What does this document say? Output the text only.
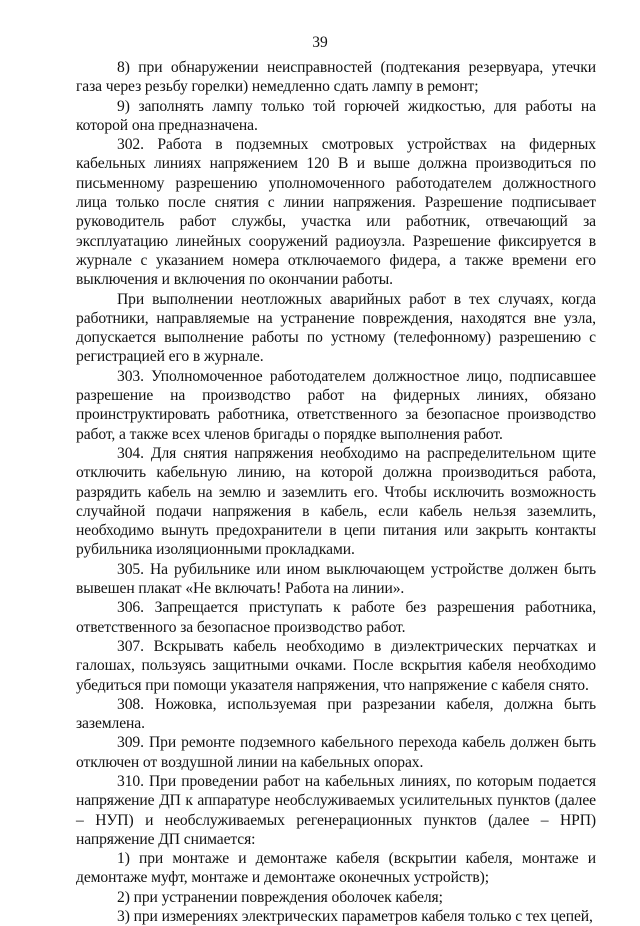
39

8) при обнаружении неисправностей (подтекания резервуара, утечки газа через резьбу горелки) немедленно сдать лампу в ремонт;

9) заполнять лампу только той горючей жидкостью, для работы на которой она предназначена.

302. Работа в подземных смотровых устройствах на фидерных кабельных линиях напряжением 120 В и выше должна производиться по письменному разрешению уполномоченного работодателем должностного лица только после снятия с линии напряжения. Разрешение подписывает руководитель работ службы, участка или работник, отвечающий за эксплуатацию линейных сооружений радиоузла. Разрешение фиксируется в журнале с указанием номера отключаемого фидера, а также времени его выключения и включения по окончании работы.

При выполнении неотложных аварийных работ в тех случаях, когда работники, направляемые на устранение повреждения, находятся вне узла, допускается выполнение работы по устному (телефонному) разрешению с регистрацией его в журнале.

303. Уполномоченное работодателем должностное лицо, подписавшее разрешение на производство работ на фидерных линиях, обязано проинструктировать работника, ответственного за безопасное производство работ, а также всех членов бригады о порядке выполнения работ.

304. Для снятия напряжения необходимо на распределительном щите отключить кабельную линию, на которой должна производиться работа, разрядить кабель на землю и заземлить его. Чтобы исключить возможность случайной подачи напряжения в кабель, если кабель нельзя заземлить, необходимо вынуть предохранители в цепи питания или закрыть контакты рубильника изоляционными прокладками.

305. На рубильнике или ином выключающем устройстве должен быть вывешен плакат «Не включать! Работа на линии».

306. Запрещается приступать к работе без разрешения работника, ответственного за безопасное производство работ.

307. Вскрывать кабель необходимо в диэлектрических перчатках и галошах, пользуясь защитными очками. После вскрытия кабеля необходимо убедиться при помощи указателя напряжения, что напряжение с кабеля снято.

308. Ножовка, используемая при разрезании кабеля, должна быть заземлена.

309. При ремонте подземного кабельного перехода кабель должен быть отключен от воздушной линии на кабельных опорах.

310. При проведении работ на кабельных линиях, по которым подается напряжение ДП к аппаратуре необслуживаемых усилительных пунктов (далее – НУП) и необслуживаемых регенерационных пунктов (далее – НРП) напряжение ДП снимается:

1) при монтаже и демонтаже кабеля (вскрытии кабеля, монтаже и демонтаже муфт, монтаже и демонтаже оконечных устройств);

2) при устранении повреждения оболочек кабеля;

3) при измерениях электрических параметров кабеля только с тех цепей,
